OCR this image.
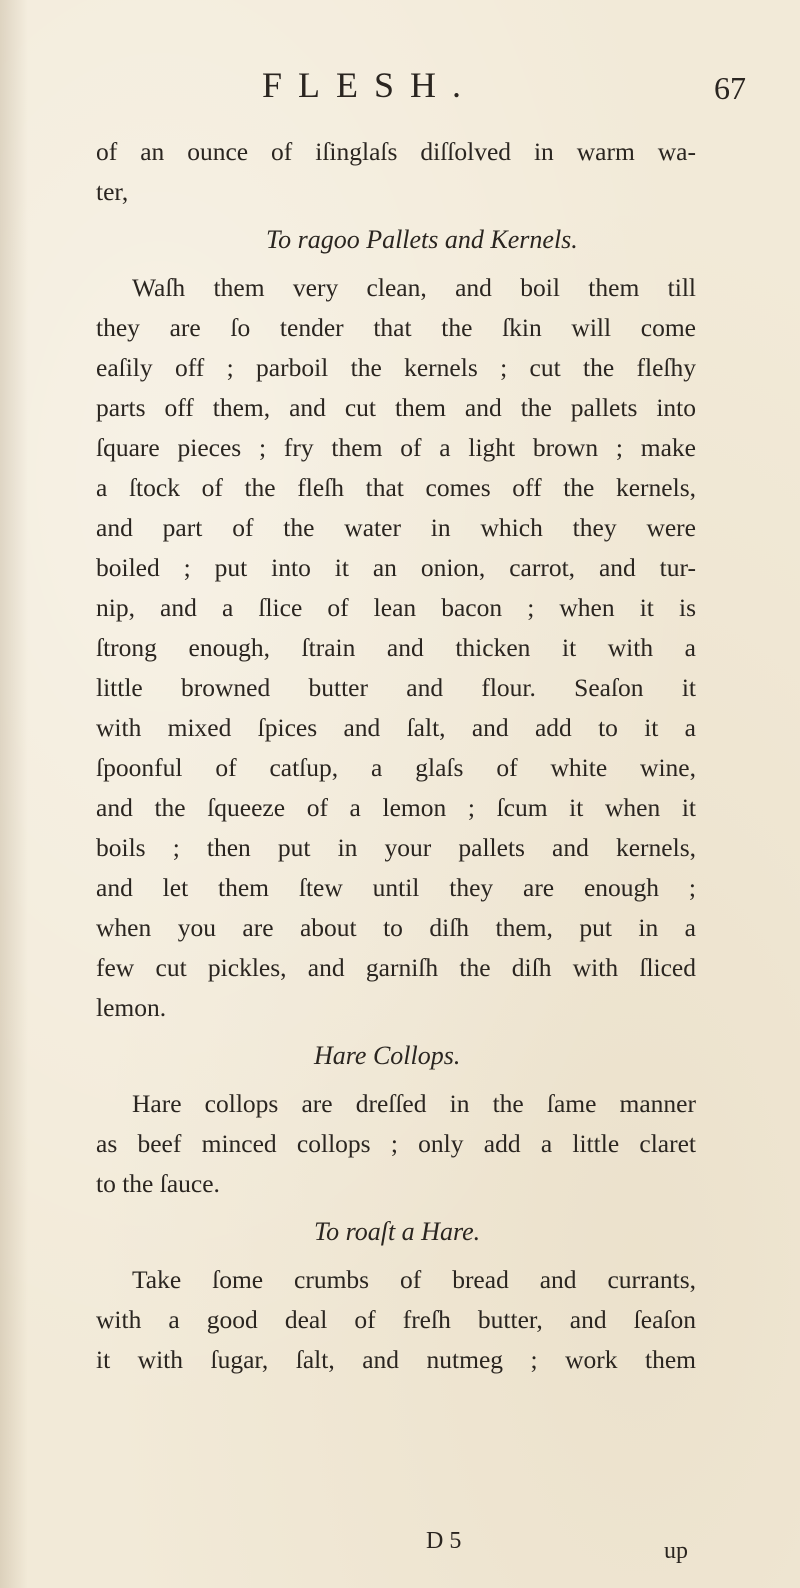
FLESH.	67
of an ounce of iſinglaſs diſſolved in warm wa-
ter,
To ragoo Pallets and Kernels.
Waſh them very clean, and boil them till
they are ſo tender that the ſkin will come
eaſily off ; parboil the kernels ; cut the fleſhy
parts off them, and cut them and the pallets into
ſquare pieces ; fry them of a light brown ; make
a ſtock of the fleſh that comes off the kernels,
and part of the water in which they were
boiled ; put into it an onion, carrot, and tur-
nip, and a ſlice of lean bacon ; when it is
ſtrong enough, ſtrain and thicken it with a
little browned butter and flour. Seaſon it
with mixed ſpices and ſalt, and add to it a
ſpoonful of catſup, a glaſs of white wine,
and the ſqueeze of a lemon ; ſcum it when it
boils ; then put in your pallets and kernels,
and let them ſtew until they are enough ;
when you are about to diſh them, put in a
few cut pickles, and garniſh the diſh with ſliced
lemon.
Hare Collops.
Hare collops are dreſſed in the ſame manner
as beef minced collops ; only add a little claret
to the ſauce.
To roaſt a Hare.
Take ſome crumbs of bread and currants,
with a good deal of freſh butter, and ſeaſon
it with ſugar, ſalt, and nutmeg ; work them
D 5	up
